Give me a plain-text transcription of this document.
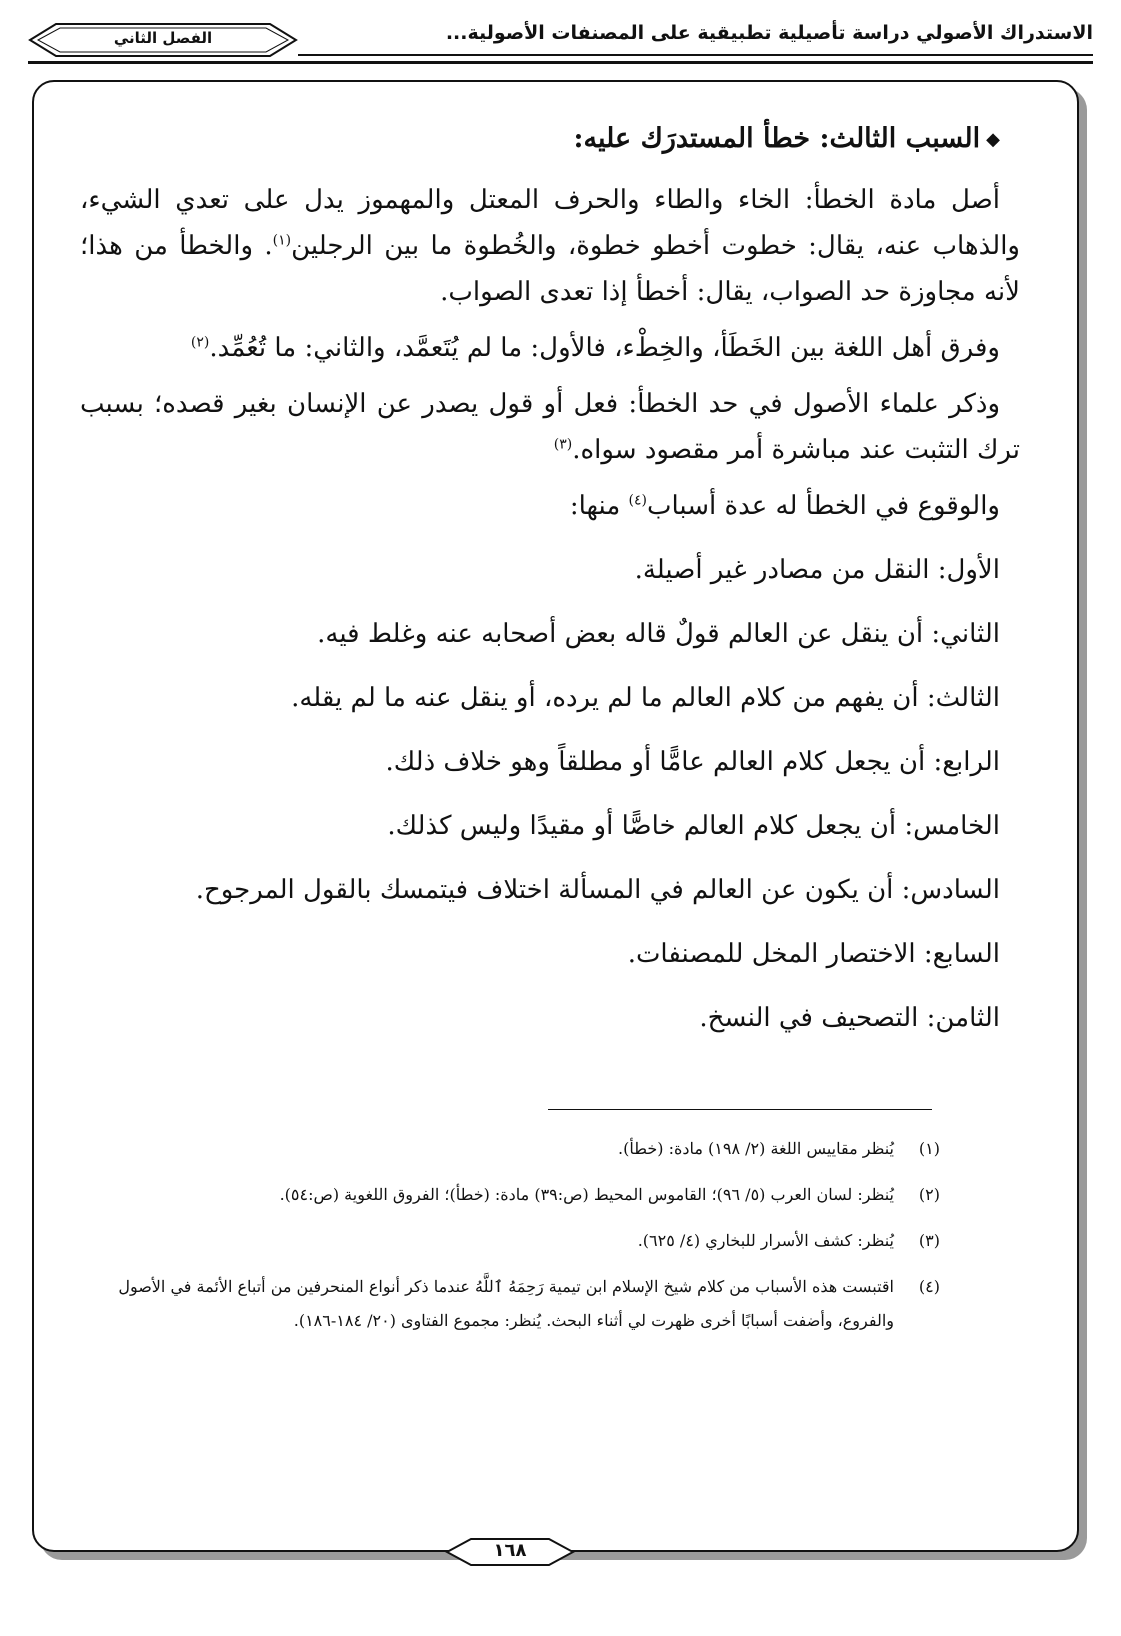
الاستدراك الأصولي دراسة تأصيلية تطبيقية على المصنفات الأصولية...
الفصل الثاني
◆السبب الثالث: خطأ المستدرَك عليه:

أصل مادة الخطأ: الخاء والطاء والحرف المعتل والمهموز يدل على تعدي الشيء، والذهاب عنه، يقال: خطوت أخطو خطوة، والخُطوة ما بين الرجلين$^{(١)}$. والخطأ من هذا؛ لأنه مجاوزة حد الصواب، يقال: أخطأ إذا تعدى الصواب.

وفرق أهل اللغة بين الخَطَأ، والخِطْء، فالأول: ما لم يُتَعمَّد، والثاني: ما تُعُمِّد.$^{(٢)}$

وذكر علماء الأصول في حد الخطأ: فعل أو قول يصدر عن الإنسان بغير قصده؛ بسبب ترك التثبت عند مباشرة أمر مقصود سواه.$^{(٣)}$

والوقوع في الخطأ له عدة أسباب$^{(٤)}$ منها:
الأول: النقل من مصادر غير أصيلة.
الثاني: أن ينقل عن العالم قولٌ قاله بعض أصحابه عنه وغلط فيه.
الثالث: أن يفهم من كلام العالم ما لم يرده، أو ينقل عنه ما لم يقله.
الرابع: أن يجعل كلام العالم عامًّا أو مطلقاً وهو خلاف ذلك.
الخامس: أن يجعل كلام العالم خاصًّا أو مقيدًا وليس كذلك.
السادس: أن يكون عن العالم في المسألة اختلاف فيتمسك بالقول المرجوح.
السابع: الاختصار المخل للمصنفات.
الثامن: التصحيف في النسخ.
(١)
يُنظر مقاييس اللغة (٢/ ١٩٨) مادة: (خطأ).
(٢)
يُنظر: لسان العرب (٥/ ٩٦)؛ القاموس المحيط (ص:٣٩) مادة: (خطأ)؛ الفروق اللغوية (ص:٥٤).
(٣)
يُنظر: كشف الأسرار للبخاري (٤/ ٦٢٥).
(٤)
اقتبست هذه الأسباب من كلام شيخ الإسلام ابن تيمية رَحِمَهُ ٱللَّهُ عندما ذكر أنواع المنحرفين من أتباع الأئمة في الأصول والفروع، وأضفت أسبابًا أخرى ظهرت لي أثناء البحث. يُنظر: مجموع الفتاوى (٢٠/ ١٨٤-١٨٦).
١٦٨
